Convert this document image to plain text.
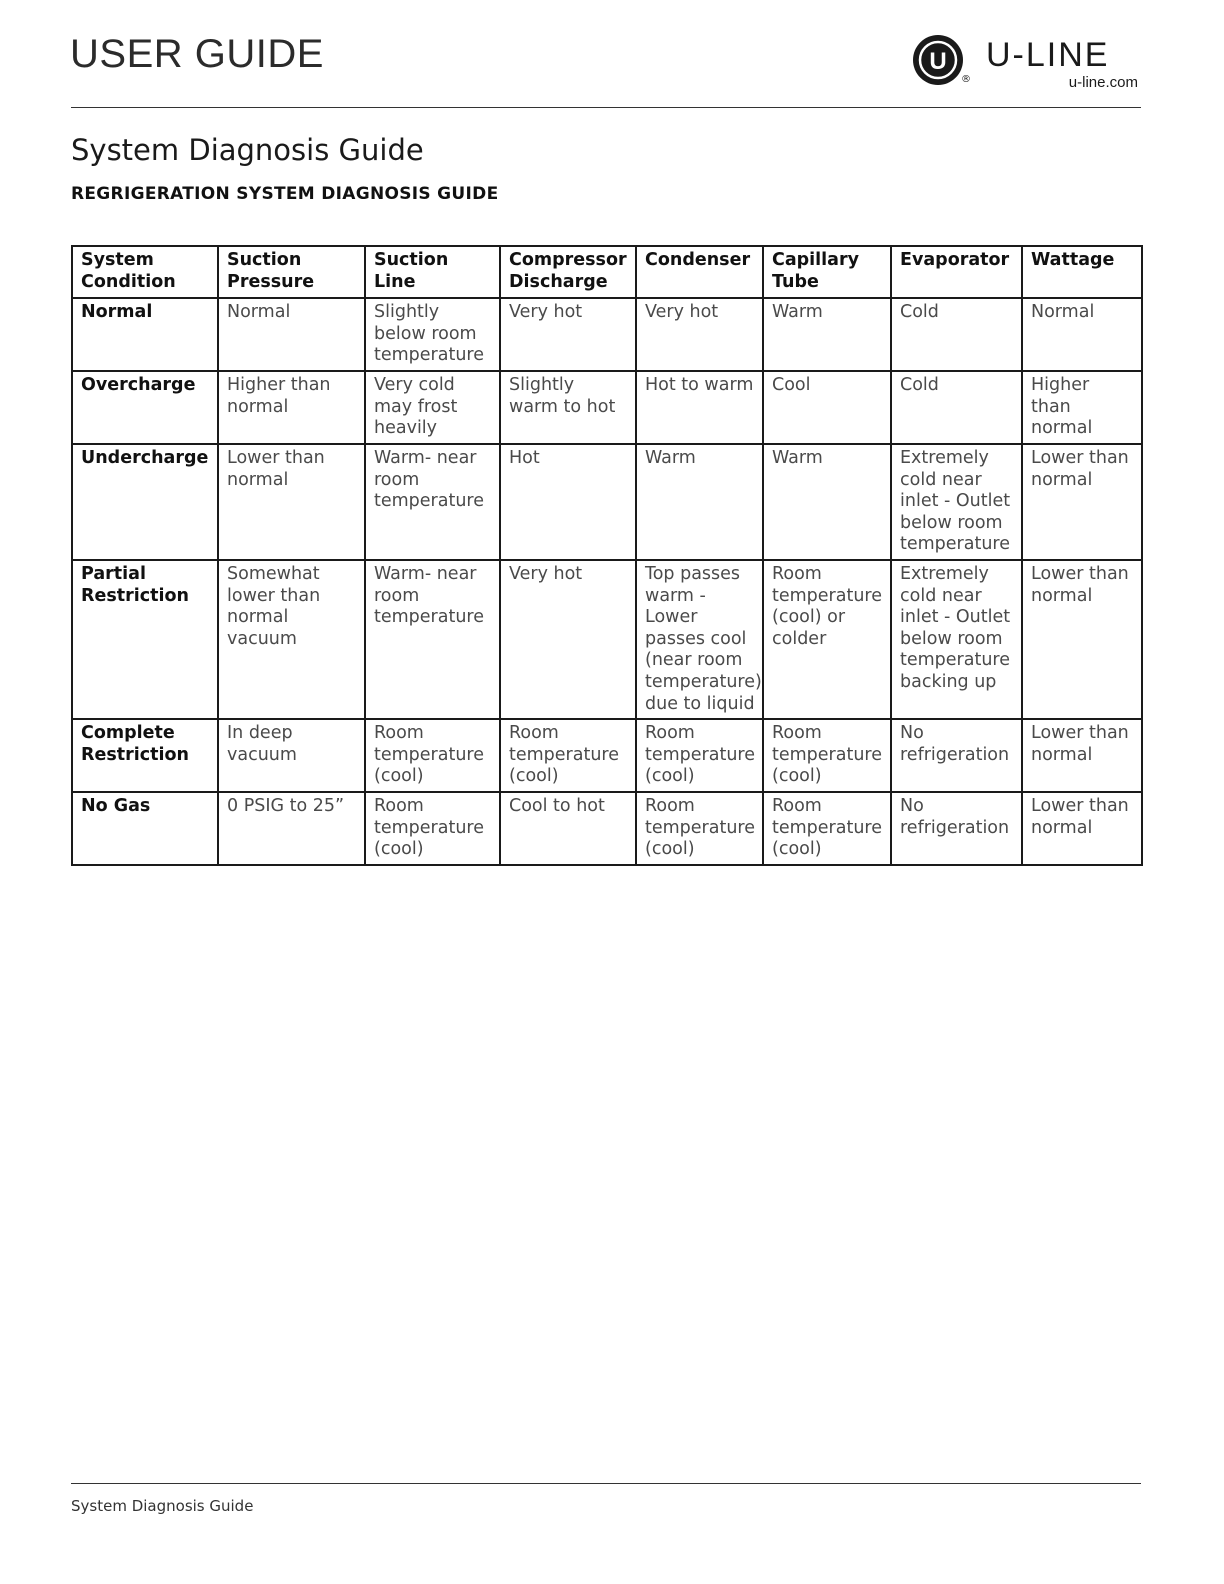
USER GUIDE	U
®
U-LINE
u-line.com
System Diagnosis Guide
REGRIGERATION SYSTEM DIAGNOSIS GUIDE
System Condition	Suction Pressure	Suction Line	Compressor Discharge	Condenser	Capillary Tube	Evaporator	Wattage
Normal	Normal	Slightly below room temperature	Very hot	Very hot	Warm	Cold	Normal
Overcharge	Higher than normal	Very cold may frost heavily	Slightly warm to hot	Hot to warm	Cool	Cold	Higher than normal
Undercharge	Lower than normal	Warm- near room temperature	Hot	Warm	Warm	Extremely cold near inlet - Outlet below room temperature	Lower than normal
Partial Restriction	Somewhat lower than normal vacuum	Warm- near room temperature	Very hot	Top passes warm - Lower passes cool (near room temperature) due to liquid	Room temperature (cool) or colder	Extremely cold near inlet - Outlet below room temperature backing up	Lower than normal
Complete Restriction	In deep vacuum	Room temperature (cool)	Room temperature (cool)	Room temperature (cool)	Room temperature (cool)	No refrigeration	Lower than normal
No Gas	0 PSIG to 25”	Room temperature (cool)	Cool to hot	Room temperature (cool)	Room temperature (cool)	No refrigeration	Lower than normal
System Diagnosis Guide
